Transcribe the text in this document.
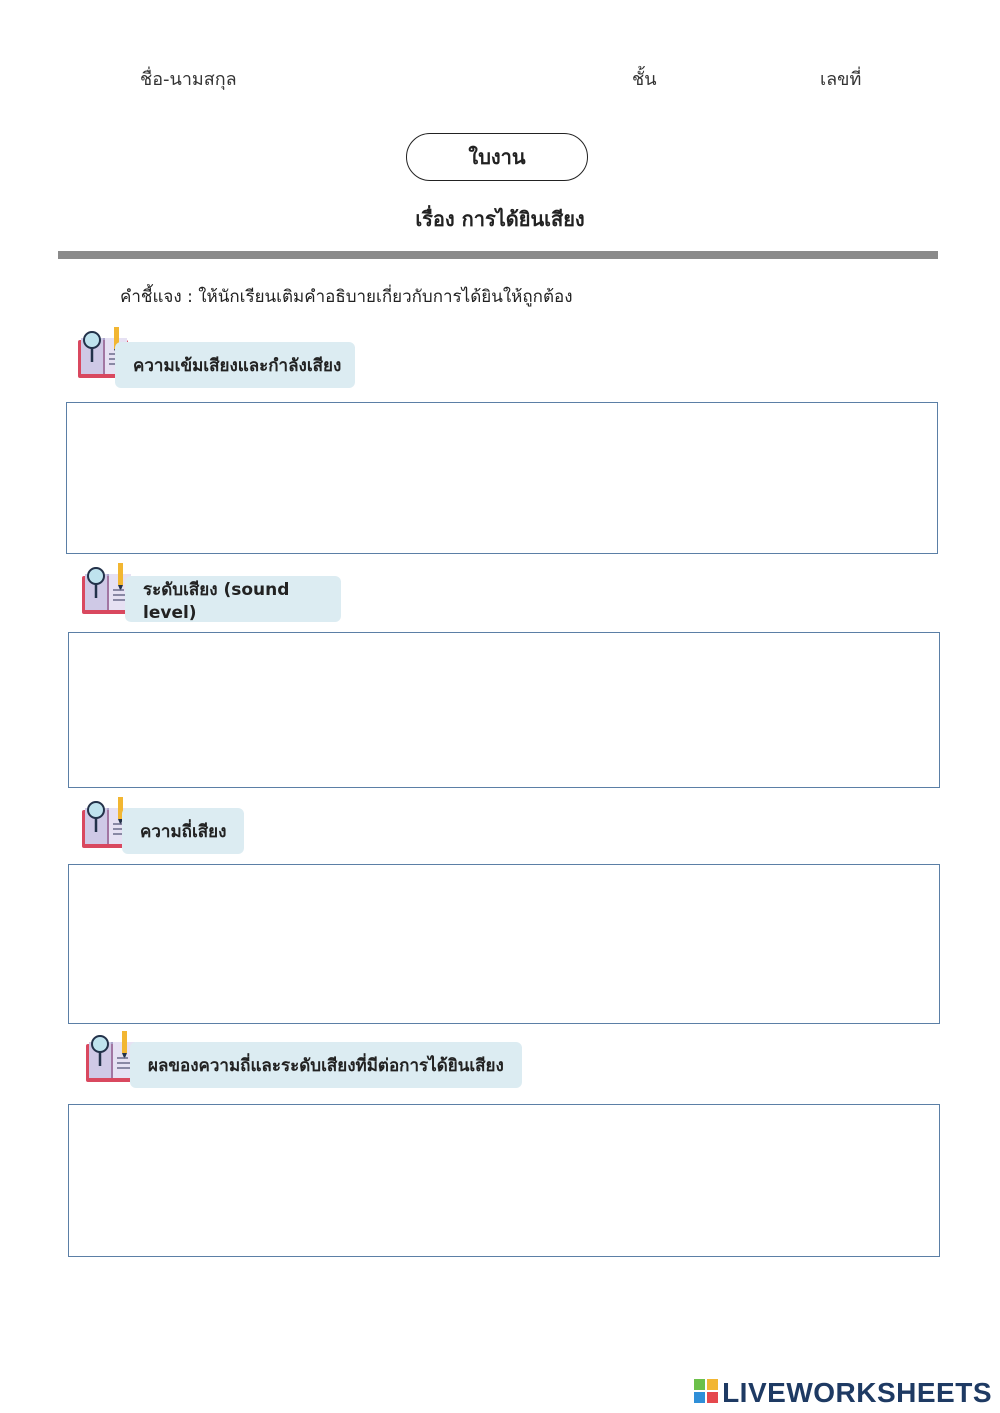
ชื่อ-นามสกุล	ชั้น	เลขที่
ใบงาน
เรื่อง การได้ยินเสียง
คำชี้แจง : ให้นักเรียนเติมคำอธิบายเกี่ยวกับการได้ยินให้ถูกต้อง
ความเข้มเสียงและกำลังเสียง
ระดับเสียง (sound level)
ความถี่เสียง
ผลของความถี่และระดับเสียงที่มีต่อการได้ยินเสียง
LIVEWORKSHEETS
